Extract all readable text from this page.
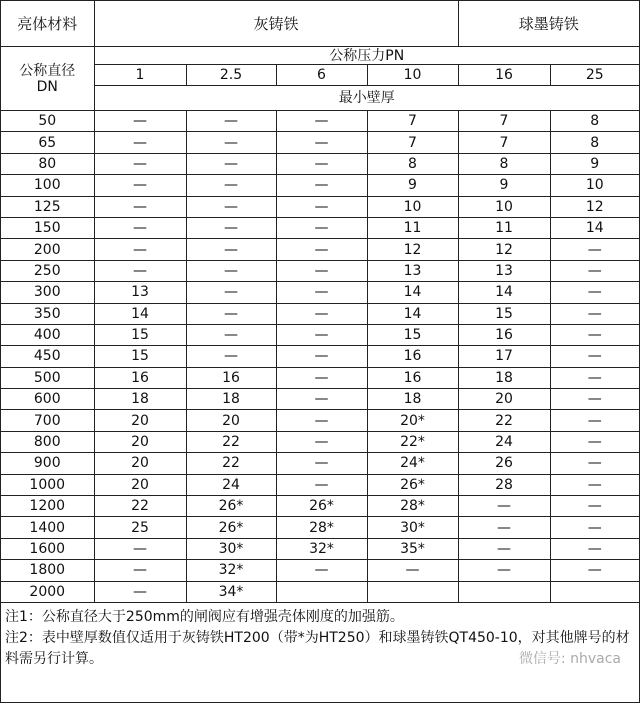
亮体材料	灰铸铁				球墨铸铁	
公称直径
DN	公称压力PN					
	1	2.5	6	10	16	25
	最小壁厚					
50	—	—	—	7	7	8
65	—	—	—	7	7	8
80	—	—	—	8	8	9
100	—	—	—	9	9	10
125	—	—	—	10	10	12
150	—	—	—	11	11	14
200	—	—	—	12	12	—
250	—	—	—	13	13	—
300	13	—	—	14	14	—
350	14	—	—	14	15	—
400	15	—	—	15	16	—
450	15	—	—	16	17	—
500	16	16	—	16	18	—
600	18	18	—	18	20	—
700	20	20	—	20*	22	—
800	20	22	—	22*	24	—
900	20	22	—	24*	26	—
1000	20	24	—	26*	28	—
1200	22	26*	26*	28*	—	—
1400	25	26*	28*	30*	—	—
1600	—	30*	32*	35*	—	—
1800	—	32*	—	—	—	—
2000	—	34*				
注1：公称直径大于250mm的闸阀应有增强壳体刚度的加强筋。
注2：表中壁厚数值仅适用于灰铸铁HT200（带*为HT250）和球墨铸铁QT450-10，对其他牌号的材料需另行计算。	微信号: nhvaca
